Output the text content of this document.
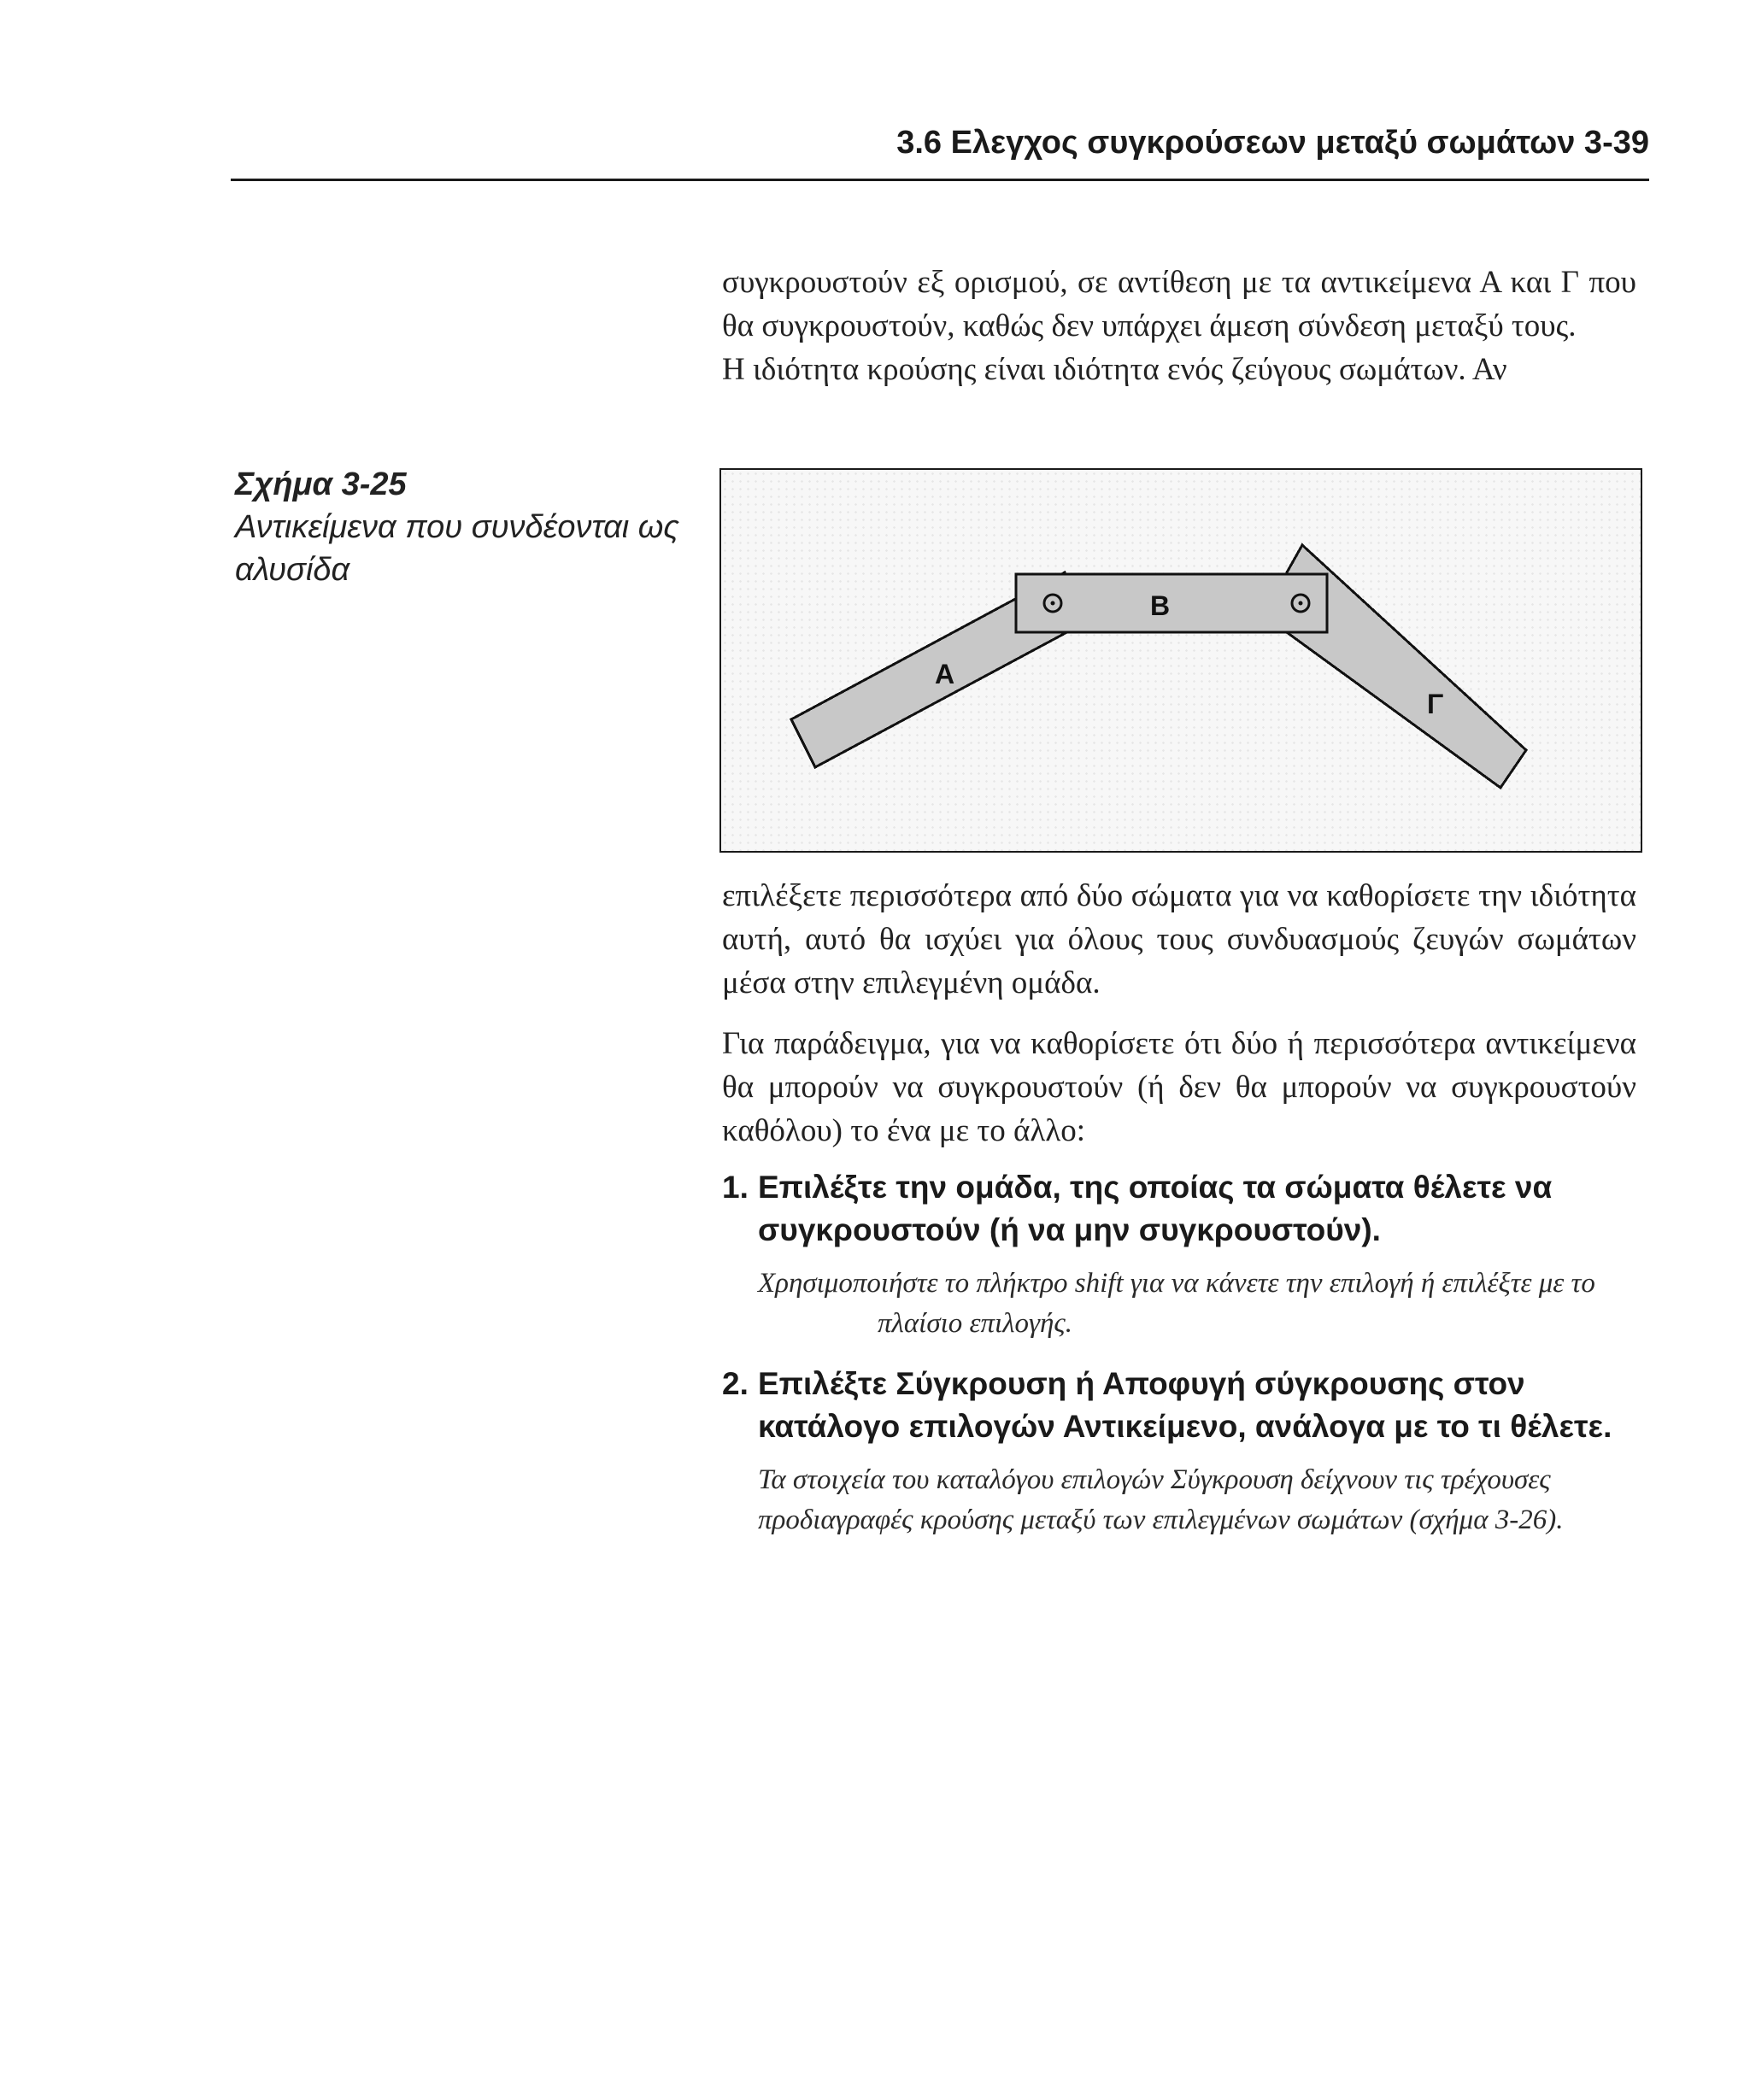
3.6 Ελεγχος συγκρούσεων μεταξύ σωμάτων 3-39

συγκρουστούν εξ ορισμού, σε αντίθεση με τα αντικείμενα Α και Γ που θα συγκρουστούν, καθώς δεν υπάρχει άμεση σύνδεση μεταξύ τους.

Η ιδιότητα κρούσης είναι ιδιότητα ενός ζεύγους σωμάτων. Αν

Σχήμα 3-25
Αντικείμενα που συνδέονται ως αλυσίδα
Α
Γ
Β

επιλέξετε περισσότερα από δύο σώματα για να καθορίσετε την ιδιότητα αυτή, αυτό θα ισχύει για όλους τους συνδυασμούς ζευγών σωμάτων μέσα στην επιλεγμένη ομάδα.

Για παράδειγμα, για να καθορίσετε ότι δύο ή περισσότερα αντικείμενα θα μπορούν να συγκρουστούν (ή δεν θα μπορούν να συγκρουστούν καθόλου) το ένα με το άλλο:

1. Επιλέξτε την ομάδα, της οποίας τα σώματα θέλετε να συγκρουστούν (ή να μην συγκρουστούν).

Χρησιμοποιήστε το πλήκτρο shift για να κάνετε την επιλογή ή επιλέξτε με το πλαίσιο επιλογής.

2. Επιλέξτε Σύγκρουση ή Αποφυγή σύγκρουσης στον κατάλογο επιλογών Αντικείμενο, ανάλογα με το τι θέλετε.

Τα στοιχεία του καταλόγου επιλογών Σύγκρουση δείχνουν τις τρέχουσες προδιαγραφές κρούσης μεταξύ των επιλεγμένων σωμάτων (σχήμα 3-26).
